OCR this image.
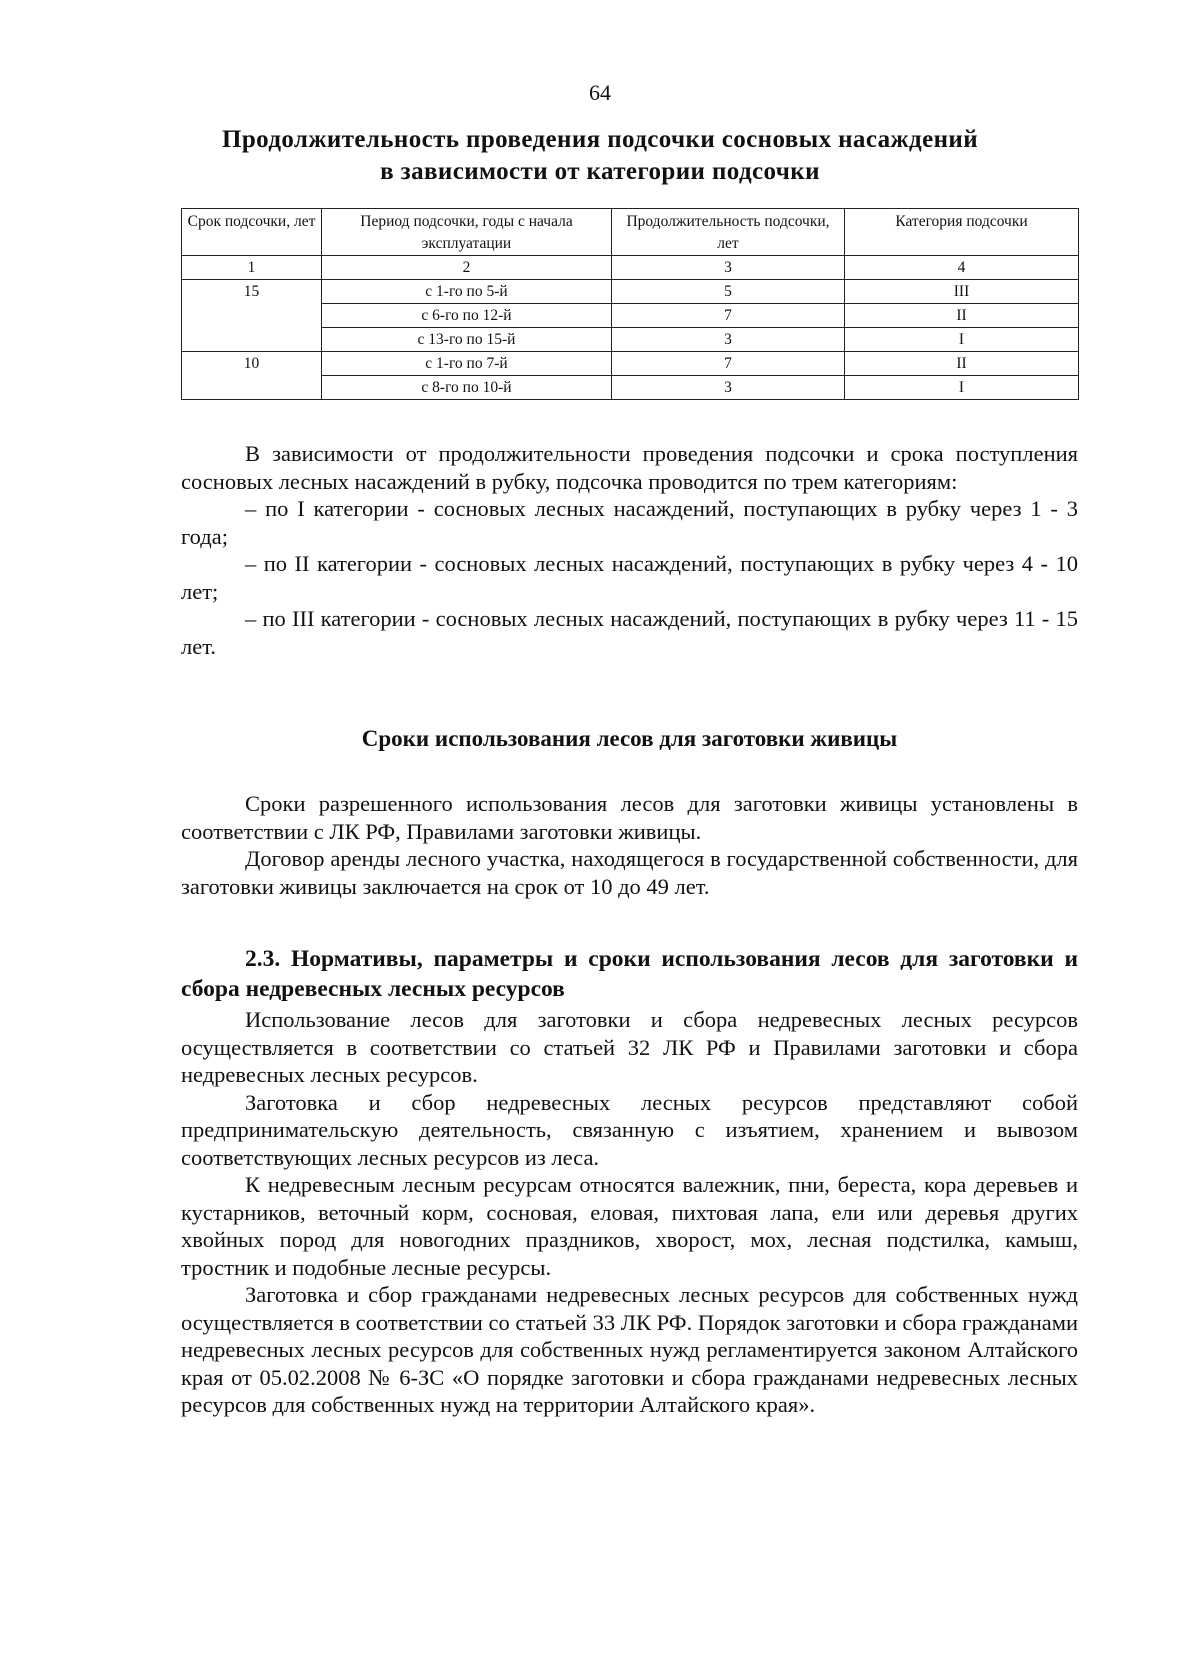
64
Продолжительность проведения подсочки сосновых насаждений
в зависимости от категории подсочки
Срок подсочки, лет	Период подсочки, годы с начала эксплуатации	Продолжительность подсочки, лет	Категория подсочки
1	2	3	4
15	с 1-го по 5-й	5	III
	с 6-го по 12-й	7	II
	с 13-го по 15-й	3	I
10	с 1-го по 7-й	7	II
	с 8-го по 10-й	3	I

В зависимости от продолжительности проведения подсочки и срока поступления сосновых лесных насаждений в рубку, подсочка проводится по трем категориям:

– по I категории - сосновых лесных насаждений, поступающих в рубку через 1 - 3 года;

– по II категории - сосновых лесных насаждений, поступающих в рубку через 4 - 10 лет;

– по III категории - сосновых лесных насаждений, поступающих в рубку через 11 - 15 лет.

Сроки использования лесов для заготовки живицы

Сроки разрешенного использования лесов для заготовки живицы установлены в соответствии с ЛК РФ, Правилами заготовки живицы.

Договор аренды лесного участка, находящегося в государственной собственности, для заготовки живицы заключается на срок от 10 до 49 лет.

2.3. Нормативы, параметры и сроки использования лесов для заготовки и сбора недревесных лесных ресурсов

Использование лесов для заготовки и сбора недревесных лесных ресурсов осуществляется в соответствии со статьей 32 ЛК РФ и Правилами заготовки и сбора недревесных лесных ресурсов.

Заготовка и сбор недревесных лесных ресурсов представляют собой предпринимательскую деятельность, связанную с изъятием, хранением и вывозом соответствующих лесных ресурсов из леса.

К недревесным лесным ресурсам относятся валежник, пни, береста, кора деревьев и кустарников, веточный корм, сосновая, еловая, пихтовая лапа, ели или деревья других хвойных пород для новогодних праздников, хворост, мох, лесная подстилка, камыш, тростник и подобные лесные ресурсы.

Заготовка и сбор гражданами недревесных лесных ресурсов для собственных нужд осуществляется в соответствии со статьей 33 ЛК РФ. Порядок заготовки и сбора гражданами недревесных лесных ресурсов для собственных нужд регламентируется законом Алтайского края от 05.02.2008 № 6-ЗС «О порядке заготовки и сбора гражданами недревесных лесных ресурсов для собственных нужд на территории Алтайского края».
